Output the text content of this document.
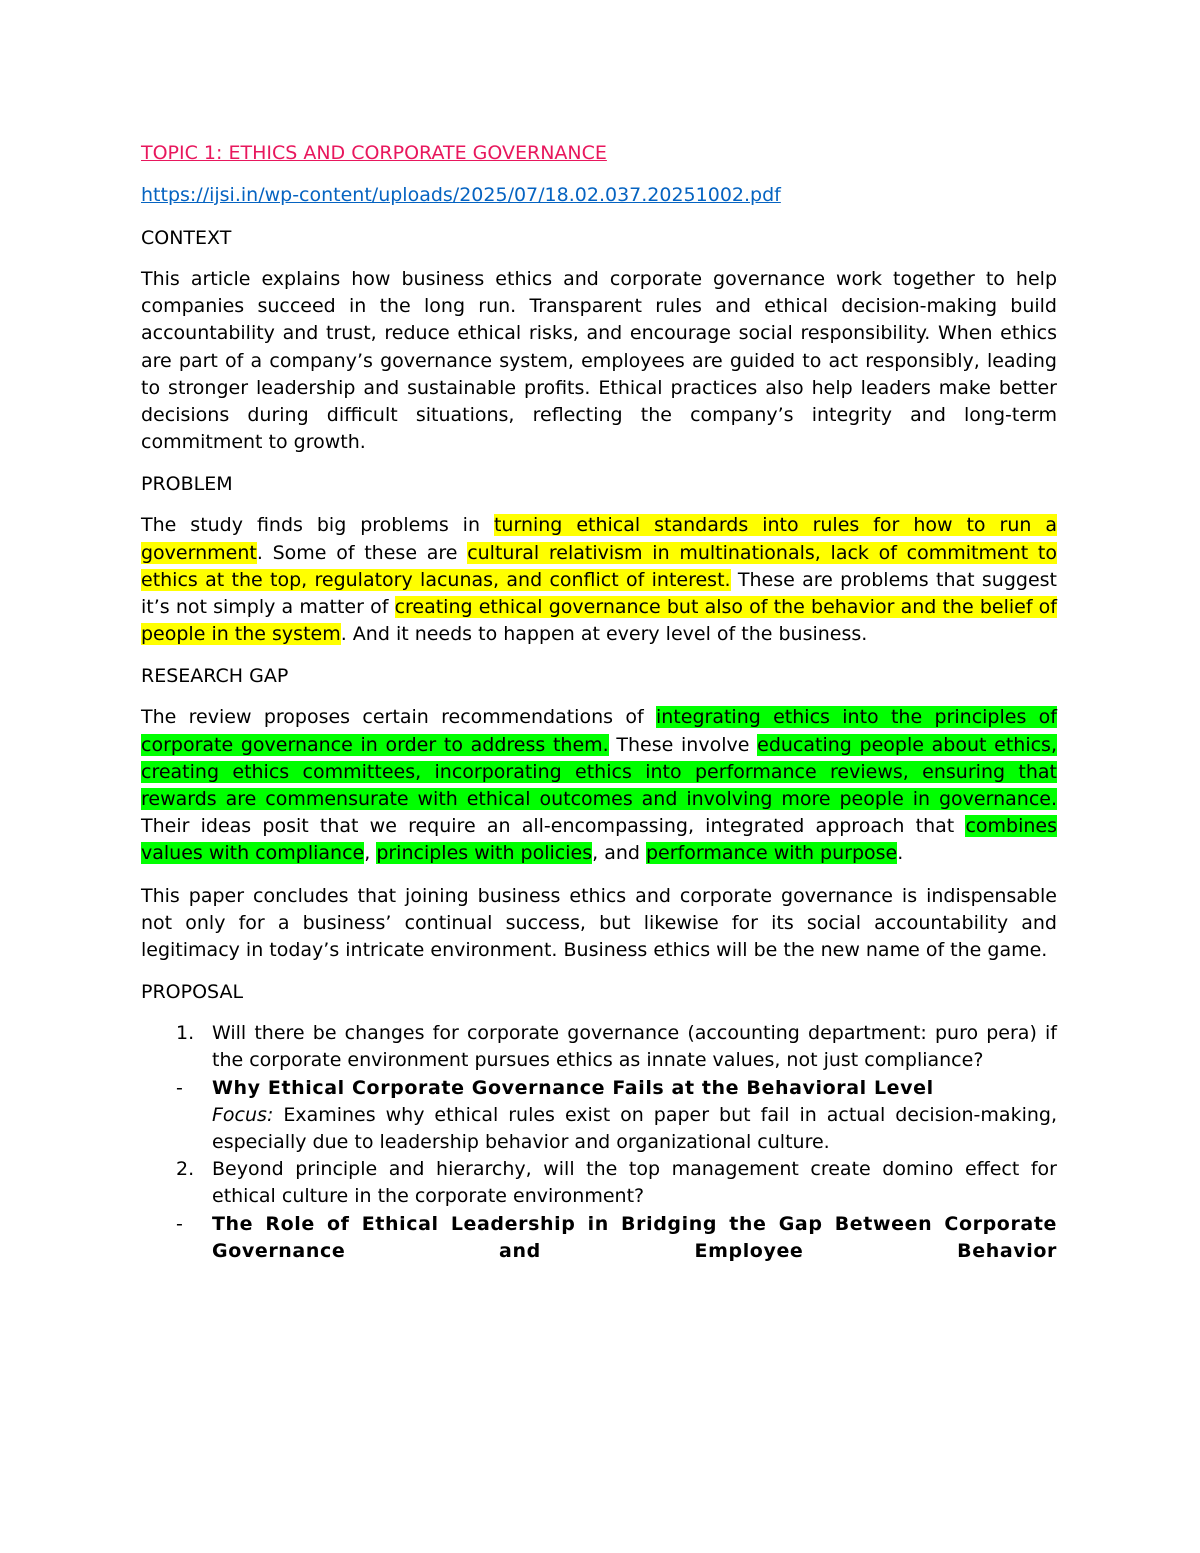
TOPIC 1: ETHICS AND CORPORATE GOVERNANCE
https://ijsi.in/wp-content/uploads/2025/07/18.02.037.20251002.pdf
CONTEXT

This article explains how business ethics and corporate governance work together to help companies succeed in the long run. Transparent rules and ethical decision-making build accountability and trust, reduce ethical risks, and encourage social responsibility. When ethics are part of a company’s governance system, employees are guided to act responsibly, leading to stronger leadership and sustainable profits. Ethical practices also help leaders make better decisions during difficult situations, reflecting the company’s integrity and long-term commitment to growth.

PROBLEM

The study finds big problems in turning ethical standards into rules for how to run a government. Some of these are cultural relativism in multinationals, lack of commitment to ethics at the top, regulatory lacunas, and conflict of interest. These are problems that suggest it’s not simply a matter of creating ethical governance but also of the behavior and the belief of people in the system. And it needs to happen at every level of the business.

RESEARCH GAP

The review proposes certain recommendations of integrating ethics into the principles of corporate governance in order to address them. These involve educating people about ethics, creating ethics committees, incorporating ethics into performance reviews, ensuring that rewards are commensurate with ethical outcomes and involving more people in governance. Their ideas posit that we require an all-encompassing, integrated approach that combines values with compliance, principles with policies, and performance with purpose.

This paper concludes that joining business ethics and corporate governance is indispensable not only for a business’ continual success, but likewise for its social accountability and legitimacy in today’s intricate environment. Business ethics will be the new name of the game.

PROPOSAL
1. Will there be changes for corporate governance (accounting department: puro pera) if the corporate environment pursues ethics as innate values, not just compliance?
- Why Ethical Corporate Governance Fails at the Behavioral Level
Focus: Examines why ethical rules exist on paper but fail in actual decision-making, especially due to leadership behavior and organizational culture.
2. Beyond principle and hierarchy, will the top management create domino effect for ethical culture in the corporate environment?
- The Role of Ethical Leadership in Bridging the Gap Between Corporate Governance and Employee Behavior
